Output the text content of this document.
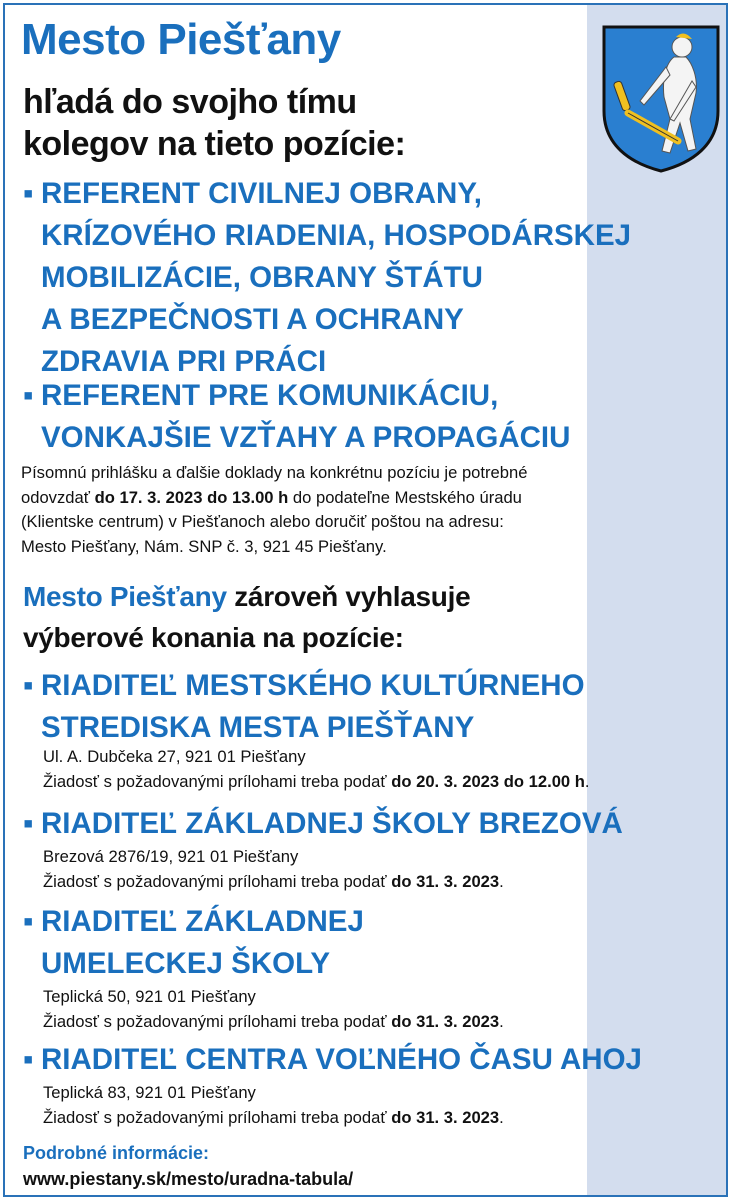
Mesto Piešťany
hľadá do svojho tímu
kolegov na tieto pozície:
▪ REFERENT CIVILNEJ OBRANY,
KRÍZOVÉHO RIADENIA, HOSPODÁRSKEJ
MOBILIZÁCIE, OBRANY ŠTÁTU
A BEZPEČNOSTI A OCHRANY
ZDRAVIA PRI PRÁCI
▪ REFERENT PRE KOMUNIKÁCIU,
VONKAJŠIE VZŤAHY A PROPAGÁCIU
Písomnú prihlášku a ďalšie doklady na konkrétnu pozíciu je potrebné
odovzdať do 17. 3. 2023 do 13.00 h do podateľne Mestského úradu
(Klientske centrum) v Piešťanoch alebo doručiť poštou na adresu:
Mesto Piešťany, Nám. SNP č. 3, 921 45 Piešťany.
Mesto Piešťany zároveň vyhlasuje
výberové konania na pozície:
▪ RIADITEĽ MESTSKÉHO KULTÚRNEHO
STREDISKA MESTA PIEŠŤANY
Ul. A. Dubčeka 27, 921 01 Piešťany
Žiadosť s požadovanými prílohami treba podať do 20. 3. 2023 do 12.00 h.
▪ RIADITEĽ ZÁKLADNEJ ŠKOLY BREZOVÁ
Brezová 2876/19, 921 01 Piešťany
Žiadosť s požadovanými prílohami treba podať do 31. 3. 2023.
▪ RIADITEĽ ZÁKLADNEJ
UMELECKEJ ŠKOLY
Teplická 50, 921 01 Piešťany
Žiadosť s požadovanými prílohami treba podať do 31. 3. 2023.
▪ RIADITEĽ CENTRA VOĽNÉHO ČASU AHOJ
Teplická 83, 921 01 Piešťany
Žiadosť s požadovanými prílohami treba podať do 31. 3. 2023.
Podrobné informácie:
www.piestany.sk/mesto/uradna-tabula/
